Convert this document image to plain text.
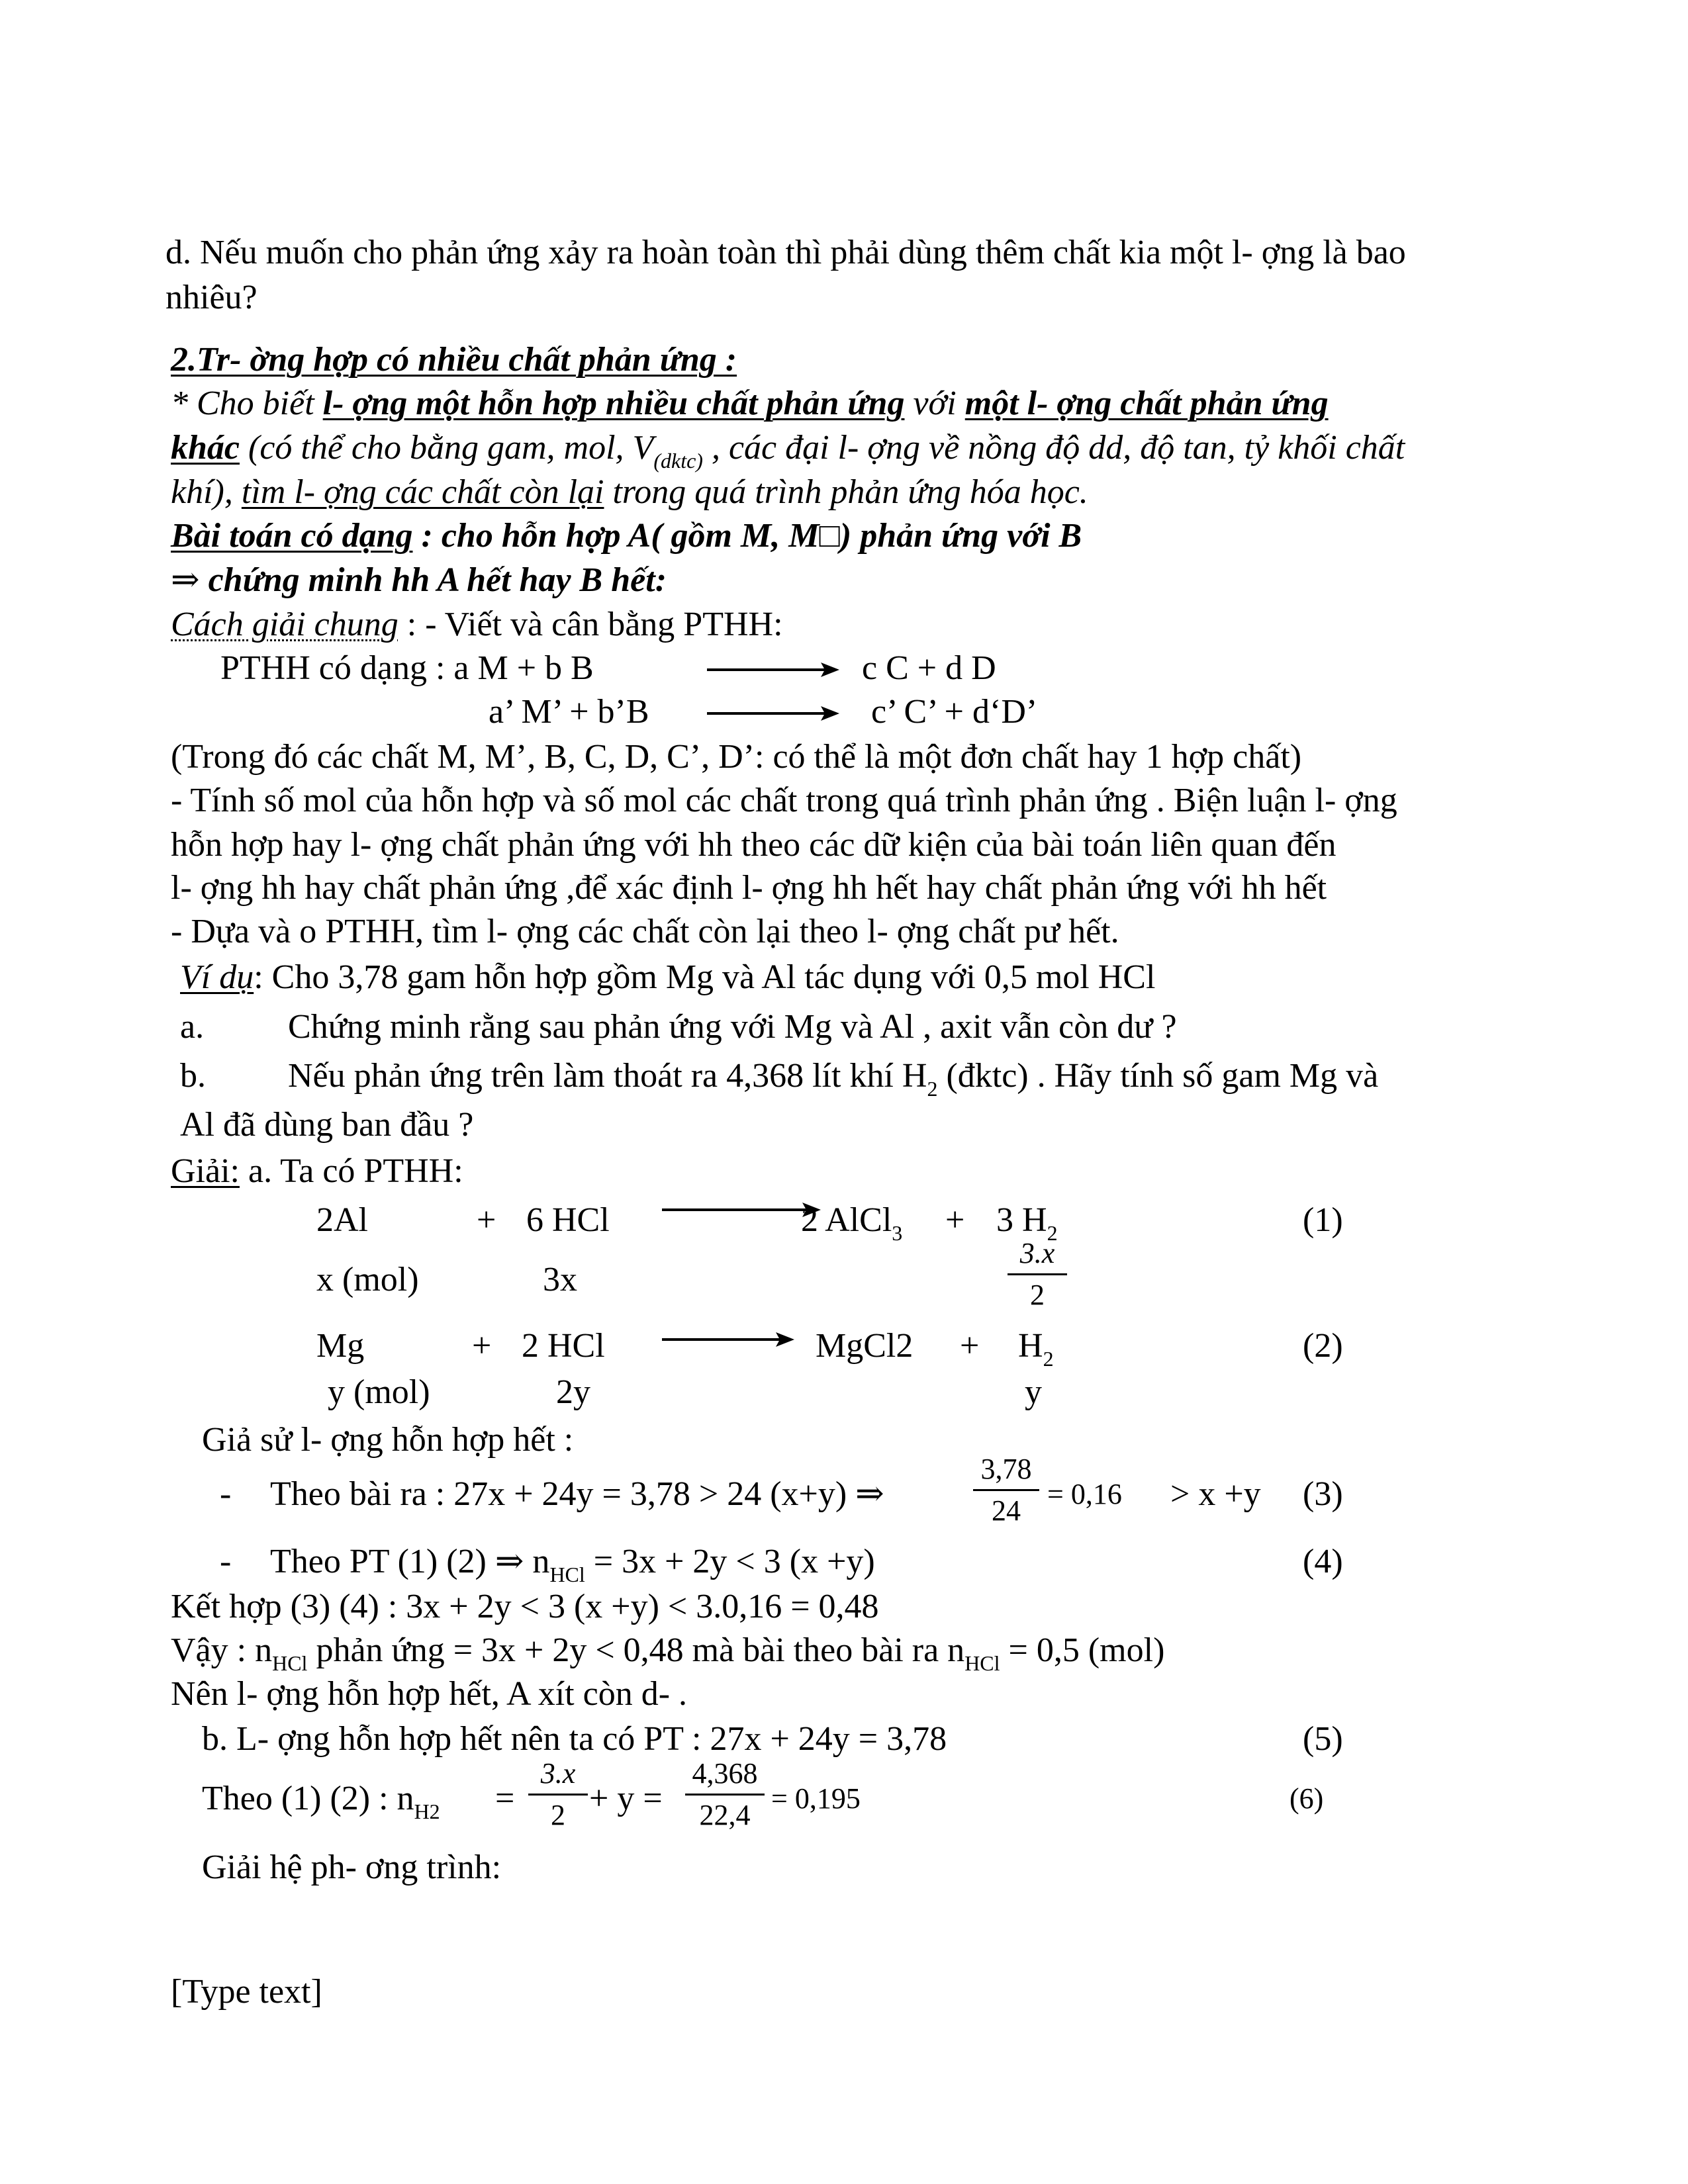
d. Nếu muốn cho phản ứng xảy ra hoàn toàn thì phải dùng thêm chất kia một l- ợng là bao
nhiêu?
2.Tr- ờng hợp có nhiều chất phản ứng :
* Cho biết l- ợng một hỗn hợp nhiều chất phản ứng với một l- ợng chất phản ứng
khác (có thể cho bằng gam, mol, $V_{(dktc)}$ , các đại l- ợng về nồng độ dd, độ tan, tỷ khối chất
khí), tìm l- ợng các chất còn lại trong quá trình phản ứng hóa học.
Bài toán có dạng : cho hỗn hợp A( gồm M, M□) phản ứng với B
⇒ chứng minh hh A hết hay B hết:
Cách giải chung : - Viết và cân bằng PTHH:
PTHH có dạng : a M + b B	c C + d D
a’ M’ + b’B	c’ C’ + d‘D’
(Trong đó các chất M, M’, B, C, D, C’, D’: có thể là một đơn chất hay 1 hợp chất)
- Tính số mol của hỗn hợp và số mol các chất trong quá trình phản ứng . Biện luận l- ợng
hỗn hợp hay l- ợng chất phản ứng với hh theo các dữ kiện của bài toán liên quan đến
l- ợng hh hay chất phản ứng ,để xác định l- ợng hh hết hay chất phản ứng với hh hết
- Dựa và o PTHH, tìm l- ợng các chất còn lại theo l- ợng chất pư hết.
Ví dụ: Cho 3,78 gam hỗn hợp gồm Mg và Al tác dụng với 0,5 mol HCl
a. Chứng minh rằng sau phản ứng với Mg và Al , axit vẫn còn dư ?
b. Nếu phản ứng trên làm thoát ra 4,368 lít khí $H_2$ (đktc) . Hãy tính số gam Mg và
Al đã dùng ban đầu ?
Giải: a. Ta có PTHH:
2Al	+ 6 HCl	2 AlCl$_3$ + 3 $H_2$	(1)
x (mol)	3x
3.x
2
Mg	+ 2 HCl	MgCl2 + $H_2$	(2)
y (mol)	2y	y
Giả sử l- ợng hỗn hợp hết :
- Theo bài ra : 27x + 24y = 3,78 > 24 (x+y) ⇒
3,78
24
= 0,16 > x +y (3)
- Theo PT (1) (2) ⇒ $n_{HCl} = 3x + 2y < 3$ (x +y)	(4)
Kết hợp (3) (4) : 3x + 2y < 3 (x +y) < 3.0,16 = 0,48
Vậy : $n_{HCl}$ phản ứng = 3x + 2y < 0,48 mà bài theo bài ra $n_{HCl} = 0,5$ (mol)
Nên l- ợng hỗn hợp hết, A xít còn d- .
b. L- ợng hỗn hợp hết nên ta có PT : 27x + 24y = 3,78	(5)
Theo (1) (2) : $n_{H2}$ =
3.x
2 + y =
4,368
22,4
= 0,195	(6)
Giải hệ ph- ơng trình:
[Type text]
